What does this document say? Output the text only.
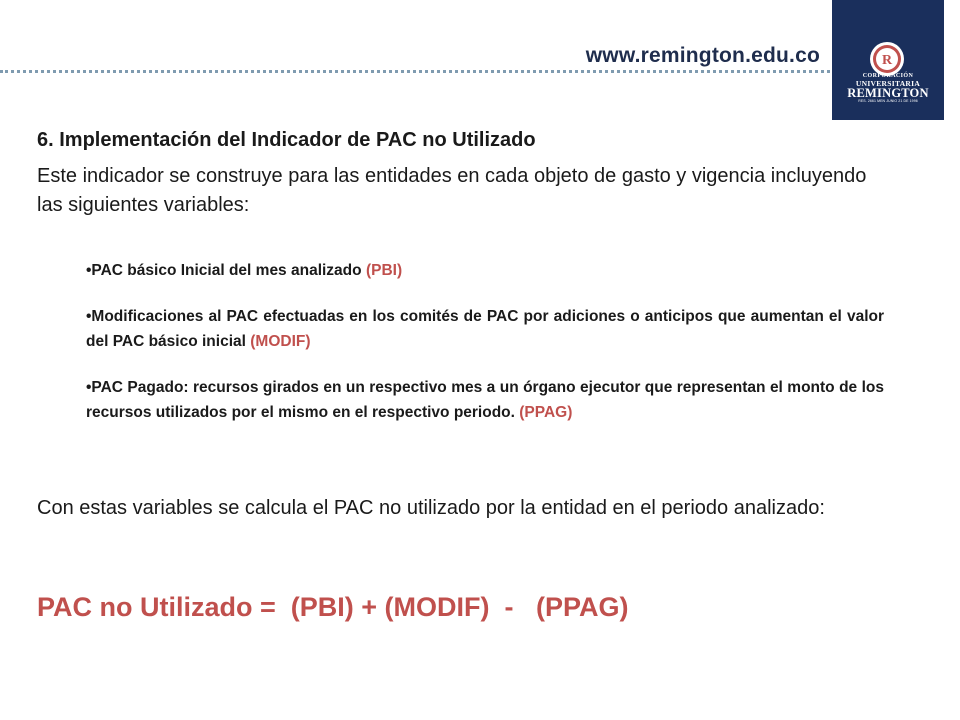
www.remington.edu.co	R
CORPORACIÓN
UNIVERSITARIA
REMINGTON
RES. 2661 MEN JUNIO 21 DE 1996
6. Implementación del Indicador de PAC no Utilizado
Este indicador se construye para las entidades en cada objeto de gasto y vigencia incluyendo las siguientes variables:
•PAC básico Inicial del mes analizado (PBI)
•Modificaciones al PAC efectuadas en los comités de PAC por adiciones o anticipos que aumentan el valor del PAC básico inicial (MODIF)
•PAC Pagado: recursos girados en un respectivo mes a un órgano ejecutor que representan el monto de los recursos utilizados por el mismo en el respectivo periodo. (PPAG)
Con estas variables se calcula el PAC no utilizado por la entidad en el periodo analizado:
PAC no Utilizado =  (PBI) + (MODIF)  -   (PPAG)
